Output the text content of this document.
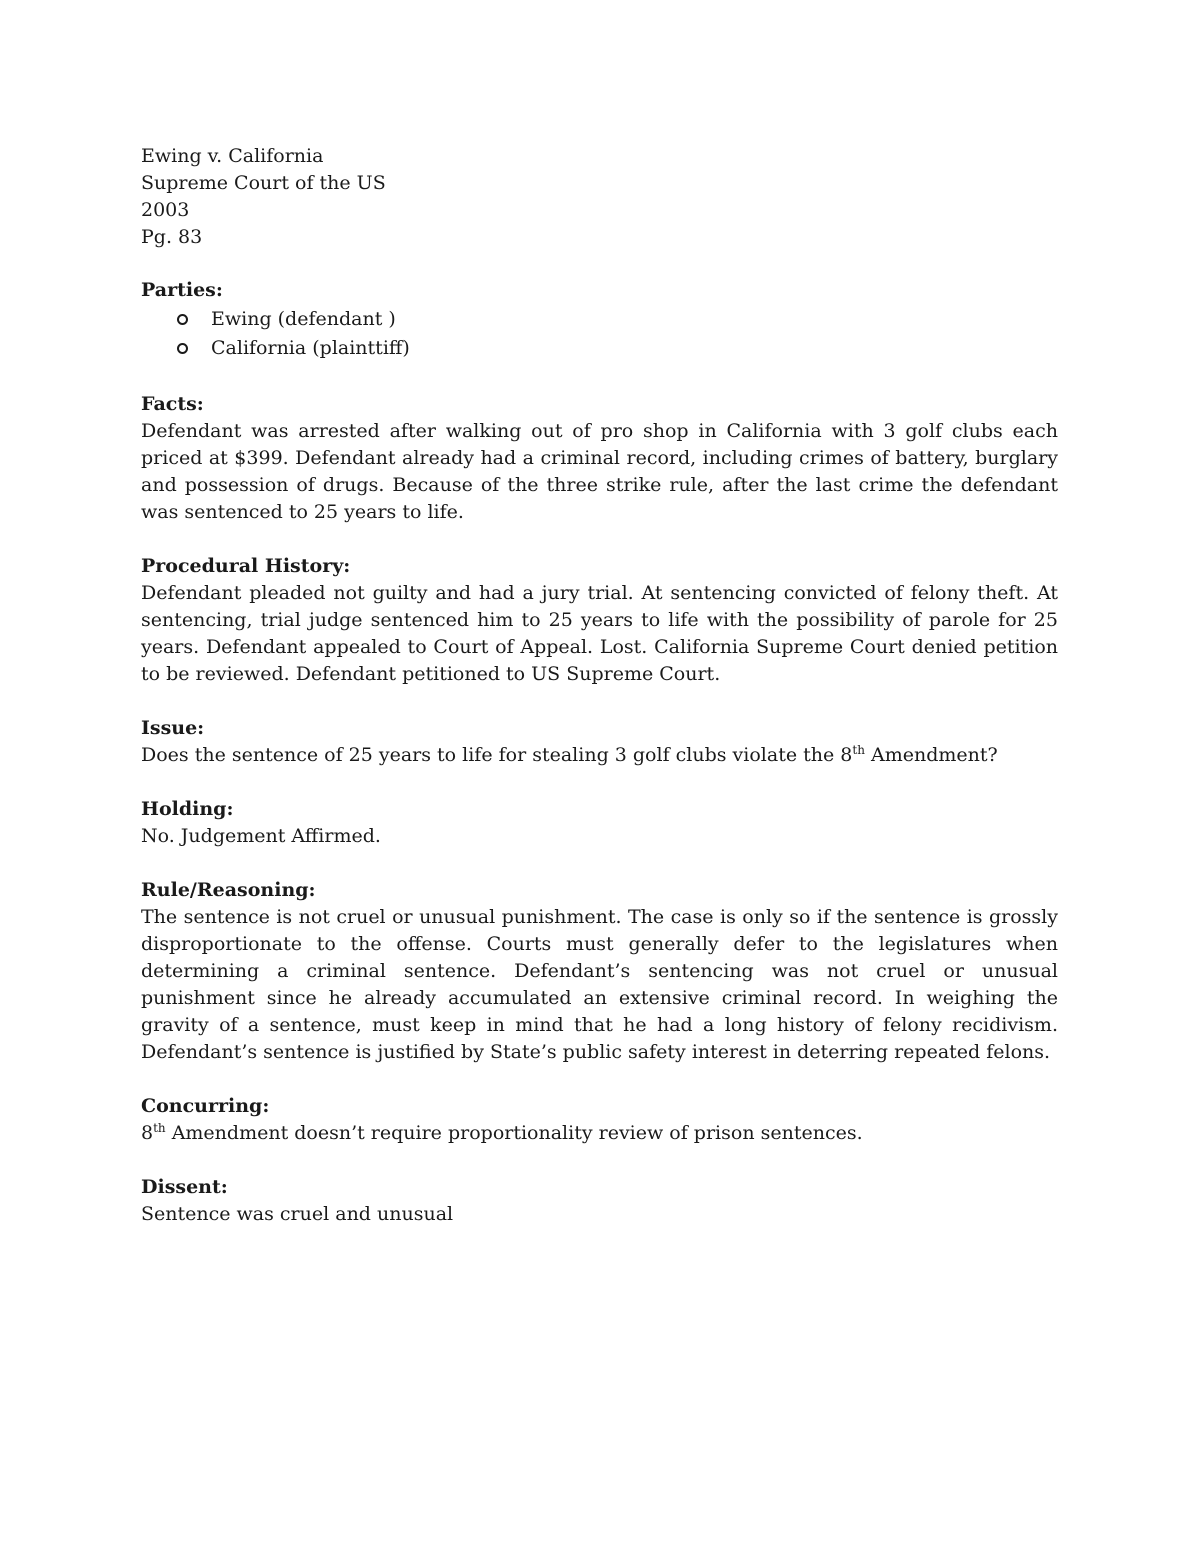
Ewing v. California

Supreme Court of the US

2003

Pg. 83

Parties:

Ewing (defendant )
California (plainttiff)

Facts:

Defendant was arrested after walking out of pro shop in California with 3 golf clubs each priced at $399. Defendant already had a criminal record, including crimes of battery, burglary and possession of drugs. Because of the three strike rule, after the last crime the defendant was sentenced to 25 years to life.

Procedural History:

Defendant pleaded not guilty and had a jury trial. At sentencing convicted of felony theft. At sentencing, trial judge sentenced him to 25 years to life with the possibility of parole for 25 years. Defendant appealed to Court of Appeal. Lost. California Supreme Court denied petition to be reviewed. Defendant petitioned to US Supreme Court.

Issue:

Does the sentence of 25 years to life for stealing 3 golf clubs violate the 8th Amendment?

Holding:

No. Judgement Affirmed.

Rule/Reasoning:

The sentence is not cruel or unusual punishment. The case is only so if the sentence is grossly disproportionate to the offense. Courts must generally defer to the legislatures when determining a criminal sentence. Defendant’s sentencing was not cruel or unusual punishment since he already accumulated an extensive criminal record. In weighing the gravity of a sentence, must keep in mind that he had a long history of felony recidivism. Defendant’s sentence is justified by State’s public safety interest in deterring repeated felons.

Concurring:

8th Amendment doesn’t require proportionality review of prison sentences.

Dissent:

Sentence was cruel and unusual
